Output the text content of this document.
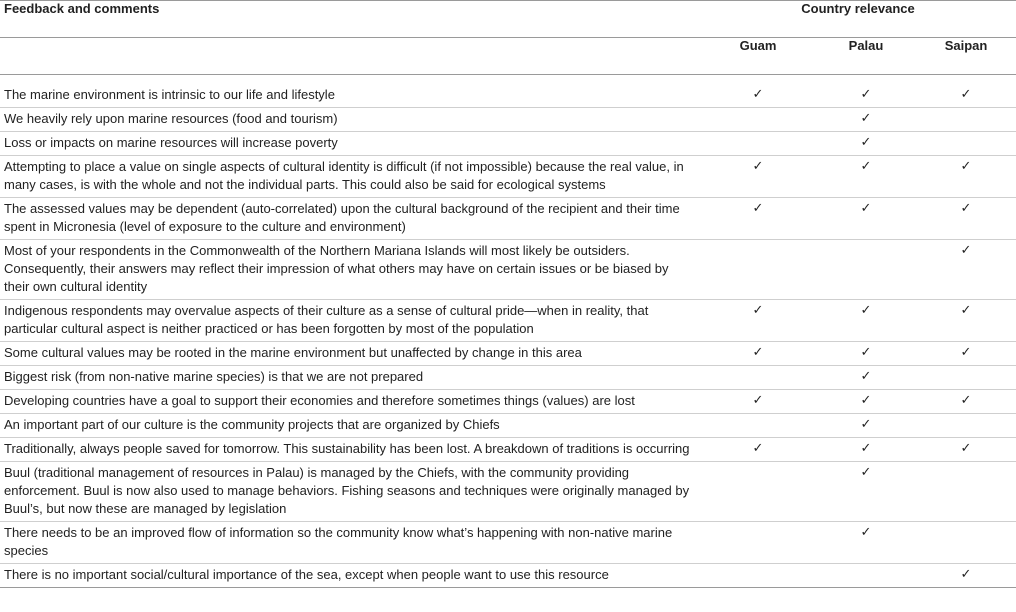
Feedback and comments	Country relevance		
	Guam	Palau	Saipan

The marine environment is intrinsic to our life and lifestyle	✓	✓	✓
We heavily rely upon marine resources (food and tourism)		✓	
Loss or impacts on marine resources will increase poverty		✓	
Attempting to place a value on single aspects of cultural identity is difficult (if not impossible) because the real value, in many cases, is with the whole and not the individual parts. This could also be said for ecological systems	✓	✓	✓
The assessed values may be dependent (auto-correlated) upon the cultural background of the recipient and their time spent in Micronesia (level of exposure to the culture and environment)	✓	✓	✓
Most of your respondents in the Commonwealth of the Northern Mariana Islands will most likely be outsiders. Consequently, their answers may reflect their impression of what others may have on certain issues or be biased by their own cultural identity			✓
Indigenous respondents may overvalue aspects of their culture as a sense of cultural pride—when in reality, that particular cultural aspect is neither practiced or has been forgotten by most of the population	✓	✓	✓
Some cultural values may be rooted in the marine environment but unaffected by change in this area	✓	✓	✓
Biggest risk (from non-native marine species) is that we are not prepared		✓	
Developing countries have a goal to support their economies and therefore sometimes things (values) are lost	✓	✓	✓
An important part of our culture is the community projects that are organized by Chiefs		✓	
Traditionally, always people saved for tomorrow. This sustainability has been lost. A breakdown of traditions is occurring	✓	✓	✓
Buul (traditional management of resources in Palau) is managed by the Chiefs, with the community providing enforcement. Buul is now also used to manage behaviors. Fishing seasons and techniques were originally managed by Buul’s, but now these are managed by legislation		✓	
There needs to be an improved flow of information so the community know what’s happening with non-native marine species		✓	
There is no important social/cultural importance of the sea, except when people want to use this resource			✓
